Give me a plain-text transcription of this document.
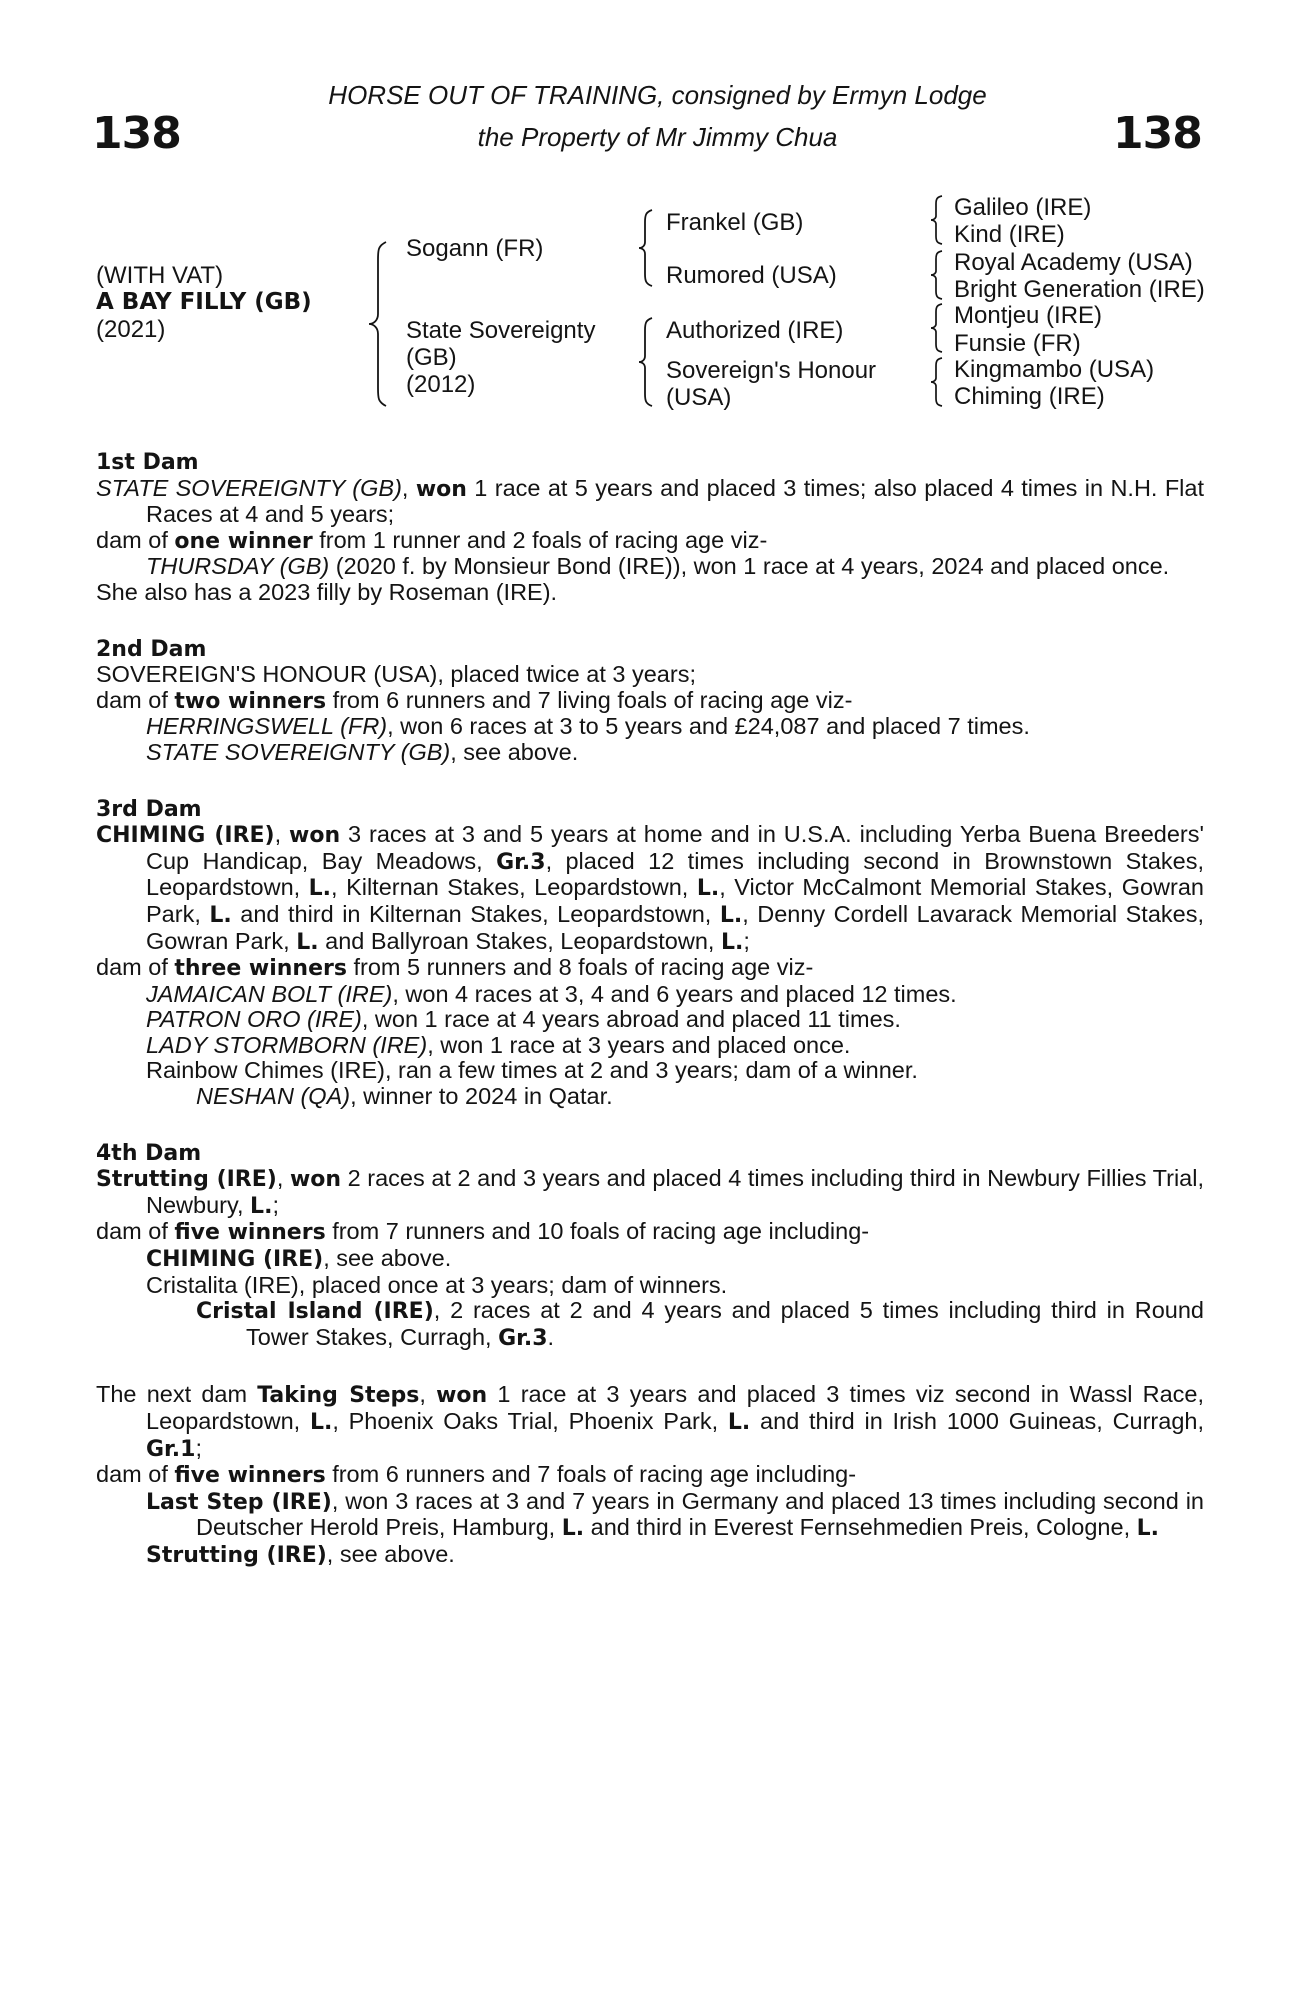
138	138
HORSE OUT OF TRAINING, consigned by Ermyn Lodge
the Property of Mr Jimmy Chua
(WITH VAT)
A BAY FILLY (GB)
(2021)
Sogann (FR)
State Sovereignty
(GB)
(2012)
Frankel (GB)
Rumored (USA)
Authorized (IRE)
Sovereign's Honour
(USA)
Galileo (IRE)
Kind (IRE)
Royal Academy (USA)
Bright Generation (IRE)
Montjeu (IRE)
Funsie (FR)
Kingmambo (USA)
Chiming (IRE)
1st Dam
STATE SOVEREIGNTY (GB), won 1 race at 5 years and placed 3 times; also placed 4 times in N.H. Flat Races at 4 and 5 years;
dam of one winner from 1 runner and 2 foals of racing age viz-
THURSDAY (GB) (2020 f. by Monsieur Bond (IRE)), won 1 race at 4 years, 2024 and placed once.
She also has a 2023 filly by Roseman (IRE).
2nd Dam
SOVEREIGN'S HONOUR (USA), placed twice at 3 years;
dam of two winners from 6 runners and 7 living foals of racing age viz-
HERRINGSWELL (FR), won 6 races at 3 to 5 years and £24,087 and placed 7 times.
STATE SOVEREIGNTY (GB), see above.
3rd Dam
CHIMING (IRE), won 3 races at 3 and 5 years at home and in U.S.A. including Yerba Buena Breeders' Cup Handicap, Bay Meadows, Gr.3, placed 12 times including second in Brownstown Stakes, Leopardstown, L., Kilternan Stakes, Leopardstown, L., Victor McCalmont Memorial Stakes, Gowran Park, L. and third in Kilternan Stakes, Leopardstown, L., Denny Cordell Lavarack Memorial Stakes, Gowran Park, L. and Ballyroan Stakes, Leopardstown, L.;
dam of three winners from 5 runners and 8 foals of racing age viz-
JAMAICAN BOLT (IRE), won 4 races at 3, 4 and 6 years and placed 12 times.
PATRON ORO (IRE), won 1 race at 4 years abroad and placed 11 times.
LADY STORMBORN (IRE), won 1 race at 3 years and placed once.
Rainbow Chimes (IRE), ran a few times at 2 and 3 years; dam of a winner.
NESHAN (QA), winner to 2024 in Qatar.
4th Dam
Strutting (IRE), won 2 races at 2 and 3 years and placed 4 times including third in Newbury Fillies Trial, Newbury, L.;
dam of five winners from 7 runners and 10 foals of racing age including-
CHIMING (IRE), see above.
Cristalita (IRE), placed once at 3 years; dam of winners.
Cristal Island (IRE), 2 races at 2 and 4 years and placed 5 times including third in Round Tower Stakes, Curragh, Gr.3.
The next dam Taking Steps, won 1 race at 3 years and placed 3 times viz second in Wassl Race, Leopardstown, L., Phoenix Oaks Trial, Phoenix Park, L. and third in Irish 1000 Guineas, Curragh, Gr.1;
dam of five winners from 6 runners and 7 foals of racing age including-
Last Step (IRE), won 3 races at 3 and 7 years in Germany and placed 13 times including second in Deutscher Herold Preis, Hamburg, L. and third in Everest Fernsehmedien Preis, Cologne, L.
Strutting (IRE), see above.
